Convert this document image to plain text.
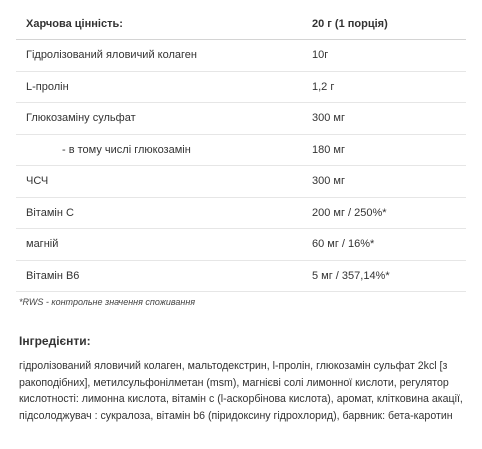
Харчова цінність:	20 г (1 порція)
Гідролізований яловичий колаген	10г
L-пролін	1,2 г
Глюкозаміну сульфат	300 мг
- в тому числі глюкозамін	180 мг
ЧСЧ	300 мг
Вітамін С	200 мг / 250%*
магній	60 мг / 16%*
Вітамін B6	5 мг / 357,14%*

*RWS - контрольне значення споживання

Інгредієнти:

гідролізований яловичий колаген, мальтодекстрин, l-пролін, глюкозамін сульфат 2kcl [з ракоподібних], метилсульфонілметан (msm), магнієві солі лимонної кислоти, регулятор кислотності: лимонна кислота, вітамін с (l-аскорбінова кислота), аромат, клітковина акації, підсолоджувач : сукралоза, вітамін b6 (піридоксину гідрохлорид), барвник: бета-каротин
